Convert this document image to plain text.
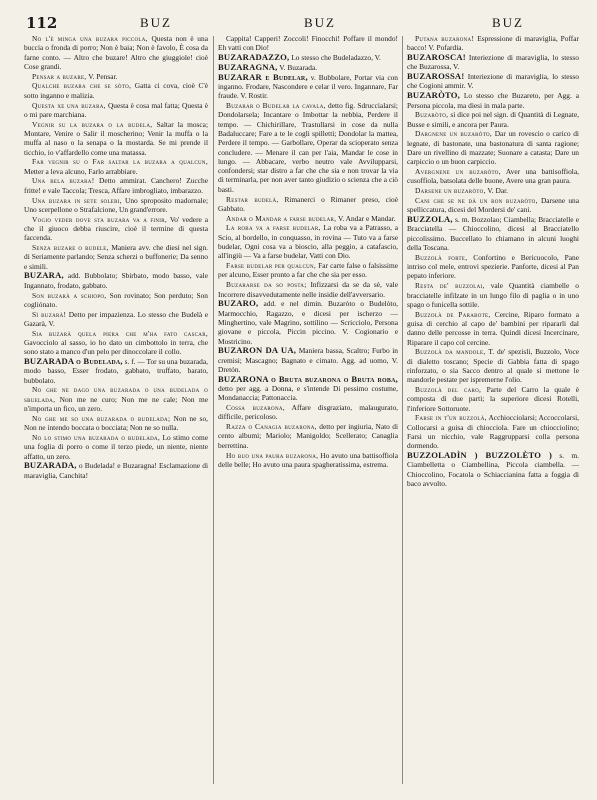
112	BUZ	BUZ	BUZ

No l'è minga una buzara piccola, Questa non è una buccia o fronda di porro; Non è baia; Non è favolo, È cosa da farne conto. — Altro che buzare! Altro che giuggiole! cioè Cose grandi.

Pensar a buzare, V. Pensar.

Qualche buzara che se sòto, Gatta ci cova, cioè C'è sotto inganno e malizia.

Questa xe una buzara, Questa è cosa mal fatta; Questa è o mi pare marchiana.

Vegnir su la buzara o la budela, Saltar la mosca; Montare, Venire o Salir il moscherino; Venir la muffa o la muffa al naso o la senapa o la mostarda. Se mi prende il ticchio, io v'affardello come una matassa.

Far vegnir su o Far saltar la buzara a qualcun, Metter a leva alcuno, Farlo arrabbiare.

Una bela buzara! Detto ammirat. Canchero! Zucche fritte! e vale Taccola; Tresca, Affare imbrogliato, imbarazzo.

Una buzara in sete soleri, Uno sproposito madornale; Uno scerpellone o Strafalcione, Un grand'errore.

Vogio veder dove sta buzara va a finir, Vo' vedere a che il giuoco debba riuscire, cioè il termine di questa faccenda.

Senza buzare o budele, Maniera avv. che diesi nel sign. di Seriamente parlando; Senza scherzi o buffonerie; Da senno e simili.

BUZARA, add. Bubbolato; Sbirbato, modo basso, vale Ingannato, frodato, gabbato.

Son buzarà a schiopo, Son rovinato; Son perduto; Son cogliónato.

Sì buzarà! Detto per impazienza. Lo stesso che Budelà e Gazarà, V.

Sia buzarà quela piera che m'ha fato cascar, Gavocciolo al sasso, io ho dato un cimbottolo in terra, che sono stato a manco d'un pelo per dinoccolare il collo.

BUZARADA o Budelada, s. f. — Tor su una buzarada, modo basso, Esser frodato, gabbato, truffato, barato, bubbolato.

No ghe ne dago una buzarada o una budelada o sbuelada, Non me ne curo; Non me ne cale; Non me n'importa un fico, un zero.

No ghe me so una buzarada o budelada; Non ne so, Non ne intendo boccata o bocciata; Non ne so nulla.

No lo stimo una buzarada o budelada, Lo stimo come una foglia di porro o come il terzo piede, un niente, niente affatto, un zero.

BUZARADA, o Budelada! e Buzaragna! Esclamazione di maraviglia, Canchita!

Cappita! Capperi! Zoccoli! Finocchi! Poffare il mondo! Eh vatti con Dio!

BUZARADAZZO, Lo stesso che Budeladazzo, V.

BUZARAGNA, V. Buzarada.

BUZARAR e Budelar, v. Bubbolare, Portar via con inganno. Frodare, Nascondere e celar il vero. Ingannare, Far fraude. V. Rostir.

Buzarar o Budelar la cavala, detto fig. Sdruccialarsi; Dondolarsela; Incantare o Imbottar la nebbia, Perdere il tempo. — Chichirillare, Trastullarsi in cose da nulla Badaluccare; Fare a te le cogli spilletti; Dondolar la mattea, Perdere il tempo. — Garbollare, Operar da scioperato senza concludere. — Menare il can per l'aia, Mandar le cose in lungo. — Abbacare, verbo neutro vale Avvilupparsi, confondersi; star distro a far che che sia e non trovar la via di terminarla, per non aver tanto giudizio o scienza che a ciò basti.

Restar budelà, Rimanerci o Rimaner preso, cioè Gabbato.

Andar o Mandar a farse budelar, V. Andar e Mandar.

La roba va a farse budelar, La roba va a Patrasso, a Scio, al bordello, in conquasso, in rovina — Tuto va a farse budelar, Ogni cosa va a bioscio, alla peggio, a catafascio, all'ingiù — Va a farse budelar, Vatti con Dio.

Farse budelar per qualcun, Far carte false o falsissime per alcuno, Esser pronto a far che che sia per esso.

Buzararse da so posta; Infizzarsi da se da sè, vale Incorrere disavvedutamente nelle insidie dell'avversario.

BUZARO, add. e nel dimin. Buzaròto o Budelòto, Marmocchio, Ragazzo, e dicesi per ischerzo — Minghertino, vale Magrino, sottilino — Scricciolo, Persona giovane e piccola, Piccin piccino. V. Cogionario e Mostricino.

BUZARON DA UA, Maniera bassa, Scaltro; Furbo in cremisi; Mascagno; Bagnato e cimato. Agg. ad uomo, V. Dretón.

BUZARONA o Bruta buzarona o Bruta roba, detto per agg. a Donna, e s'intende Di pessimo costume, Mondanaccia; Pattonaccia.

Cossa buzarona, Affare disgraziato, malaugurato, difficile, pericoloso.

Razza o Canagia buzarona, detto per ingiuria, Nato di cento albumi; Mariolo; Manigoldo; Scellerato; Canaglia berrettina.

Ho buo una paura buzarona, Ho avuto una battisoffiola delle belle; Ho avuto una paura spagheratissima, estrema.

Putana buzarona! Espressione di maraviglia, Poffar bacco! V. Pofardia.

BUZAROSCA! Interiezione di maraviglia, lo stesso che Buzarossa, V.

BUZAROSSA! Interiezione di maraviglia, lo stesso che Cogioni ammir. V.

BUZARÒTO, Lo stesso che Buzareto, per Agg. a Persona piccola, ma diesi in mala parte.

Buzaròto, si dice poi nel sign. di Quantità di Legnate, Busse e simili, e ancora per Paura.

Dargnene un buzaròto, Dar un rovescio o carico di legnate, di bastonate, una bastonatura di santa ragione; Dare un rivellino di mazzate; Suonare a catasta; Dare un carpiccio o un buon carpiccio.

Avergnene un buzaròto, Aver una battisoffiola, cusoffiola, batsolata delle buone, Avere una gran paura.

Darsene un buzaròto, V. Dar.

Cani che se ne dà un bon buzaròto, Darsene una spelliccatura, dicesi del Mordersi de' cani.

BUZZOLA, s. m. Bozzolao; Ciambella; Bracciatelle e Bracciatella — Chioccolino, dicesi al Bracciatello piccolissimo. Buccellato lo chiamano in alcuni luoghi della Toscana.

Buzzolà forte, Confortino e Bericuocolo, Pane intriso col mele, entrovi spezierie. Panforte, dicesi al Pan pepato inferiore.

Resta de' buzzolai, vale Quantità ciambelle o bracciatelle infilzate in un lungo filo di paglia o in uno spago o funicella sottile.

Buzzolà de Parabote, Cercine, Riparo formato a guisa di cerchio al capo de' bambini per ripararli dal danno delle percosse in terra. Quindi dicesi Incercinare, Riparare il capo col cercine.

Buzzolà da mandole, T. de' spezisli, Buzzolo, Voce di dialetto toscano; Specie di Gabbia fatta di spago rinforzato, o sia Sacco dentro al quale si mettone le mandorle pestate per ispremerne l'olio.

Buzzolà del caro, Parte del Carro la quale è composta di due parti; la superiore dicesi Rotelli, l'inferiore Sottoruote.

Farse in t'un buzzolà, Acchiocciolarsi; Accoccolarsi, Collocarsi a guisa di chiocciola. Fare un chiocciolino; Farsi un nicchio, vale Raggrupparsi colla persona dormendo.

BUZZOLADÌN ) BUZZOLÈTO ) s. m. Ciambelletta o Ciambellina, Piccola ciambella. — Chioccolino, Focatola o Schiaccianina fatta a foggia di baco avvolto.
